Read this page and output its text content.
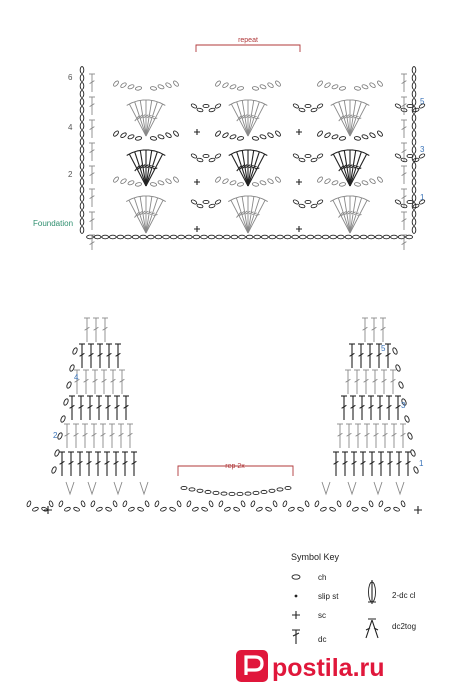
repeat
6
4
2
5
3
1
Foundation
rep 2x
4
2
5
3
1
Symbol Key
ch
slip st
sc
dc
2-dc cl
dc2tog
postila.ru
